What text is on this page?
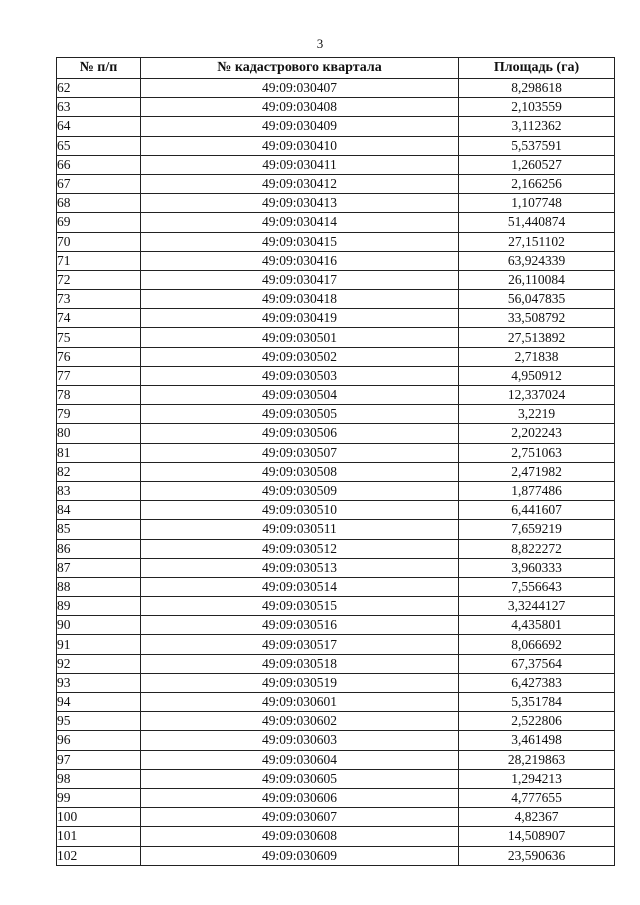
3
№ п/п	№ кадастрового квартала	Площадь (га)
62	49:09:030407	8,298618
63	49:09:030408	2,103559
64	49:09:030409	3,112362
65	49:09:030410	5,537591
66	49:09:030411	1,260527
67	49:09:030412	2,166256
68	49:09:030413	1,107748
69	49:09:030414	51,440874
70	49:09:030415	27,151102
71	49:09:030416	63,924339
72	49:09:030417	26,110084
73	49:09:030418	56,047835
74	49:09:030419	33,508792
75	49:09:030501	27,513892
76	49:09:030502	2,71838
77	49:09:030503	4,950912
78	49:09:030504	12,337024
79	49:09:030505	3,2219
80	49:09:030506	2,202243
81	49:09:030507	2,751063
82	49:09:030508	2,471982
83	49:09:030509	1,877486
84	49:09:030510	6,441607
85	49:09:030511	7,659219
86	49:09:030512	8,822272
87	49:09:030513	3,960333
88	49:09:030514	7,556643
89	49:09:030515	3,3244127
90	49:09:030516	4,435801
91	49:09:030517	8,066692
92	49:09:030518	67,37564
93	49:09:030519	6,427383
94	49:09:030601	5,351784
95	49:09:030602	2,522806
96	49:09:030603	3,461498
97	49:09:030604	28,219863
98	49:09:030605	1,294213
99	49:09:030606	4,777655
100	49:09:030607	4,82367
101	49:09:030608	14,508907
102	49:09:030609	23,590636
